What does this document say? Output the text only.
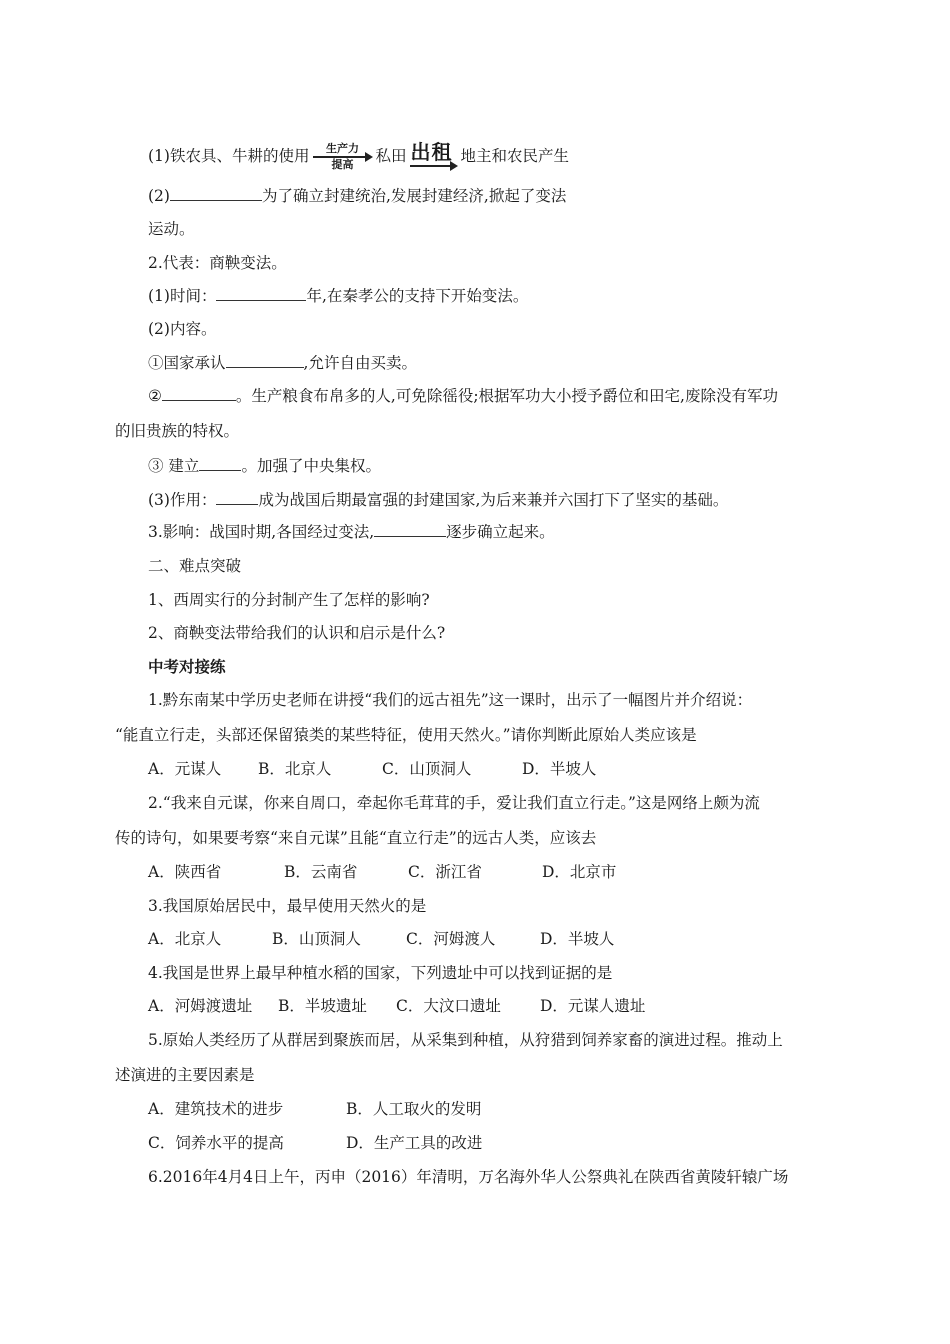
(1)铁农具、牛耕的使用	生产力
提高	私田 出租 地主和农民产生
(2)	为了确立封建统治,发展封建经济,掀起了变法
运动。
2.代表：商鞅变法。
(1)时间：	年,在秦孝公的支持下开始变法。
(2)内容。
①国家承认	,允许自由买卖。
②	。生产粮食布帛多的人,可免除徭役;根据军功大小授予爵位和田宅,废除没有军功
的旧贵族的特权。
③ 建立	。加强了中央集权。
(3)作用：	成为战国后期最富强的封建国家,为后来兼并六国打下了坚实的基础。
3.影响：战国时期,各国经过变法,	逐步确立起来。
二、难点突破
1、西周实行的分封制产生了怎样的影响?
2、商鞅变法带给我们的认识和启示是什么?
中考对接练
1.黔东南某中学历史老师在讲授“我们的远古祖先”这一课时，出示了一幅图片并介绍说：
“能直立行走，头部还保留猿类的某些特征，使用天然火。”请你判断此原始人类应该是
A．元谋人 B．北京人	C．山顶洞人	D．半坡人
2.“我来自元谋，你来自周口，牵起你毛茸茸的手，爱让我们直立行走。”这是网络上颇为流
传的诗句，如果要考察“来自元谋”且能“直立行走”的远古人类，应该去
A．陕西省	B．云南省	C．浙江省	D．北京市
3.我国原始居民中，最早使用天然火的是
A．北京人	B．山顶洞人	C．河姆渡人	D．半坡人
4.我国是世界上最早种植水稻的国家，下列遗址中可以找到证据的是
A．河姆渡遗址 B．半坡遗址 C．大汶口遗址	D．元谋人遗址
5.原始人类经历了从群居到聚族而居，从采集到种植，从狩猎到饲养家畜的演进过程。推动上
述演进的主要因素是
A．建筑技术的进步	B．人工取火的发明
C．饲养水平的提高	D．生产工具的改进
6.2016年4月4日上午，丙申（2016）年清明，万名海外华人公祭典礼在陕西省黄陵轩辕广场
